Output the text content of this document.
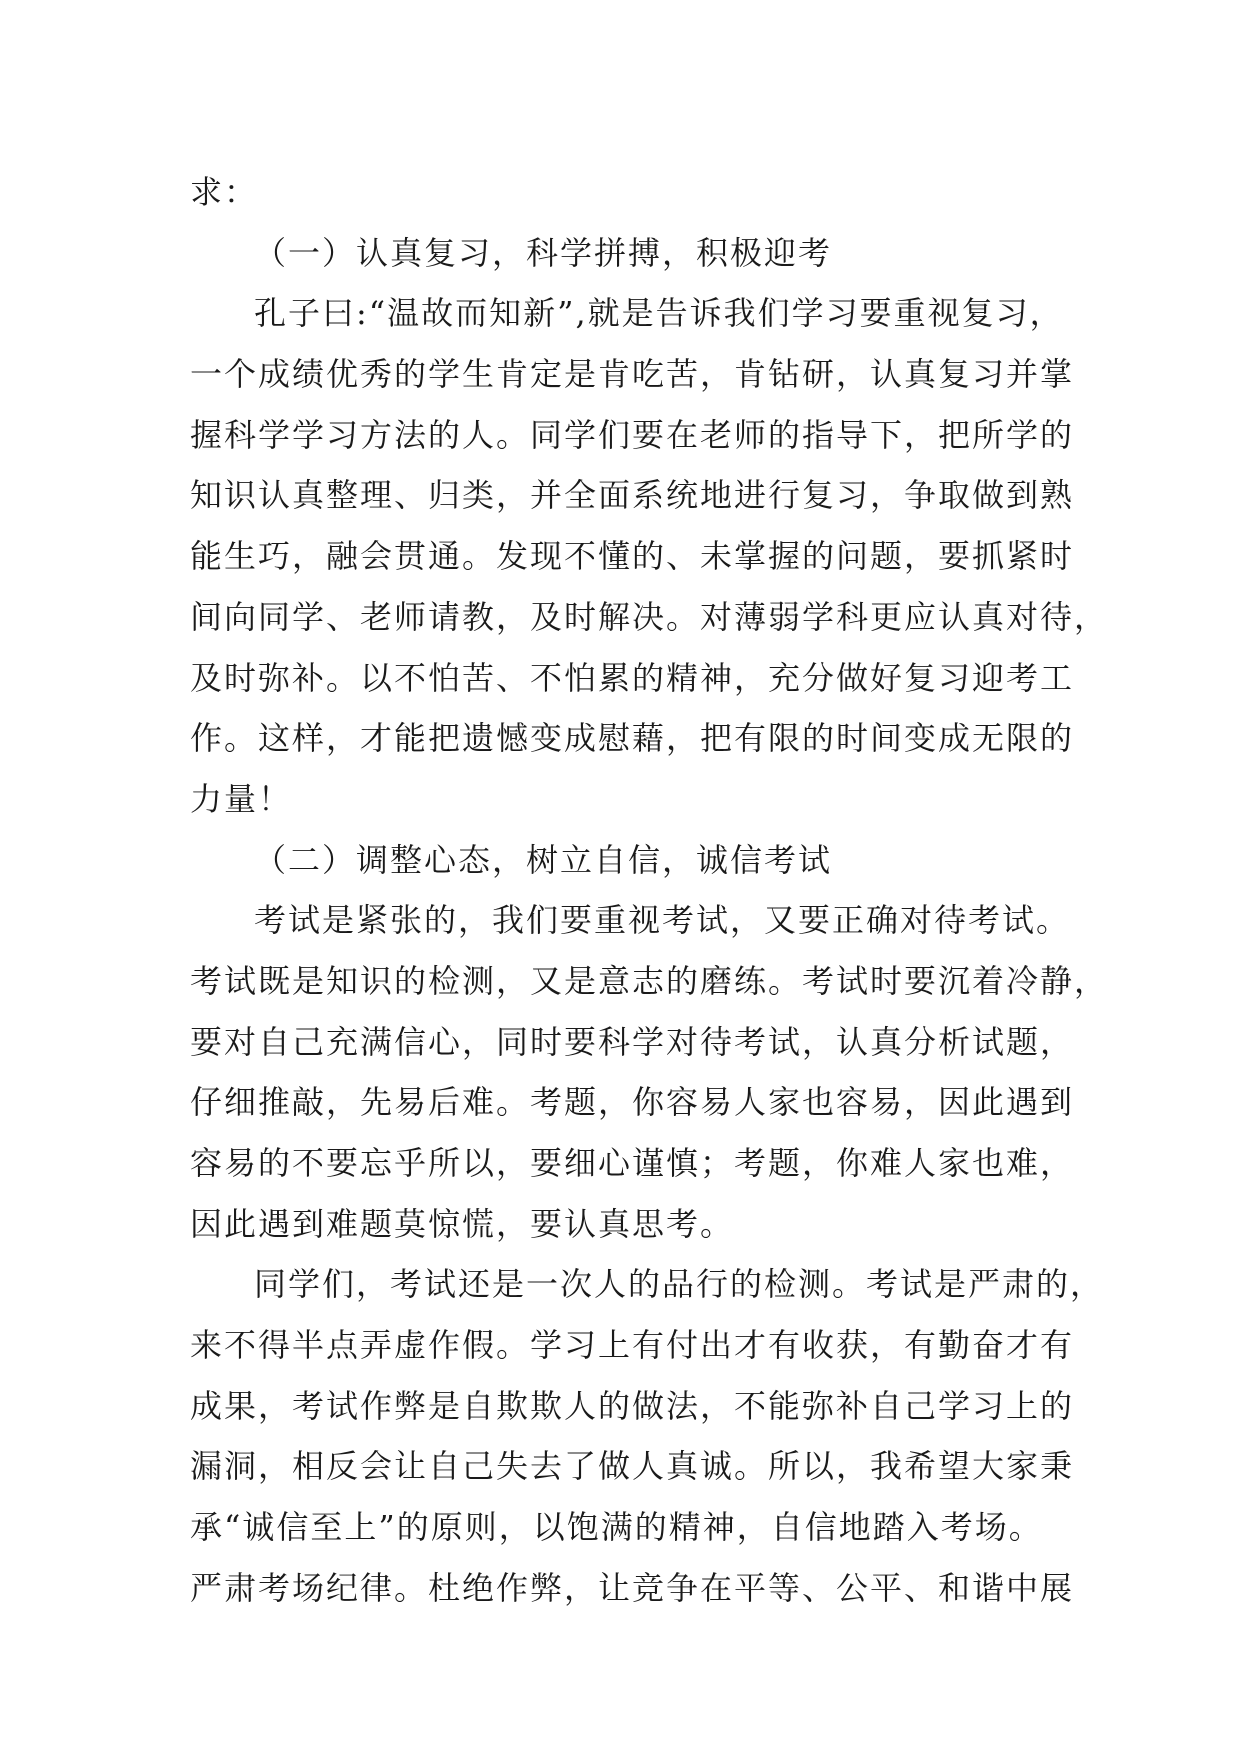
求：
（一）认真复习，科学拼搏，积极迎考
孔子曰:“温故而知新”,就是告诉我们学习要重视复习，
一个成绩优秀的学生肯定是肯吃苦，肯钻研，认真复习并掌
握科学学习方法的人。同学们要在老师的指导下，把所学的
知识认真整理、归类，并全面系统地进行复习，争取做到熟
能生巧，融会贯通。发现不懂的、未掌握的问题，要抓紧时
间向同学、老师请教，及时解决。对薄弱学科更应认真对待，
及时弥补。以不怕苦、不怕累的精神，充分做好复习迎考工
作。这样，才能把遗憾变成慰藉，把有限的时间变成无限的
力量！
（二）调整心态，树立自信，诚信考试
考试是紧张的，我们要重视考试，又要正确对待考试。
考试既是知识的检测，又是意志的磨练。考试时要沉着冷静，
要对自己充满信心，同时要科学对待考试，认真分析试题，
仔细推敲，先易后难。考题，你容易人家也容易，因此遇到
容易的不要忘乎所以，要细心谨慎；考题，你难人家也难，
因此遇到难题莫惊慌，要认真思考。
同学们，考试还是一次人的品行的检测。考试是严肃的，
来不得半点弄虚作假。学习上有付出才有收获，有勤奋才有
成果，考试作弊是自欺欺人的做法，不能弥补自己学习上的
漏洞，相反会让自己失去了做人真诚。所以，我希望大家秉
承“诚信至上”的原则，以饱满的精神，自信地踏入考场。
严肃考场纪律。杜绝作弊，让竞争在平等、公平、和谐中展
